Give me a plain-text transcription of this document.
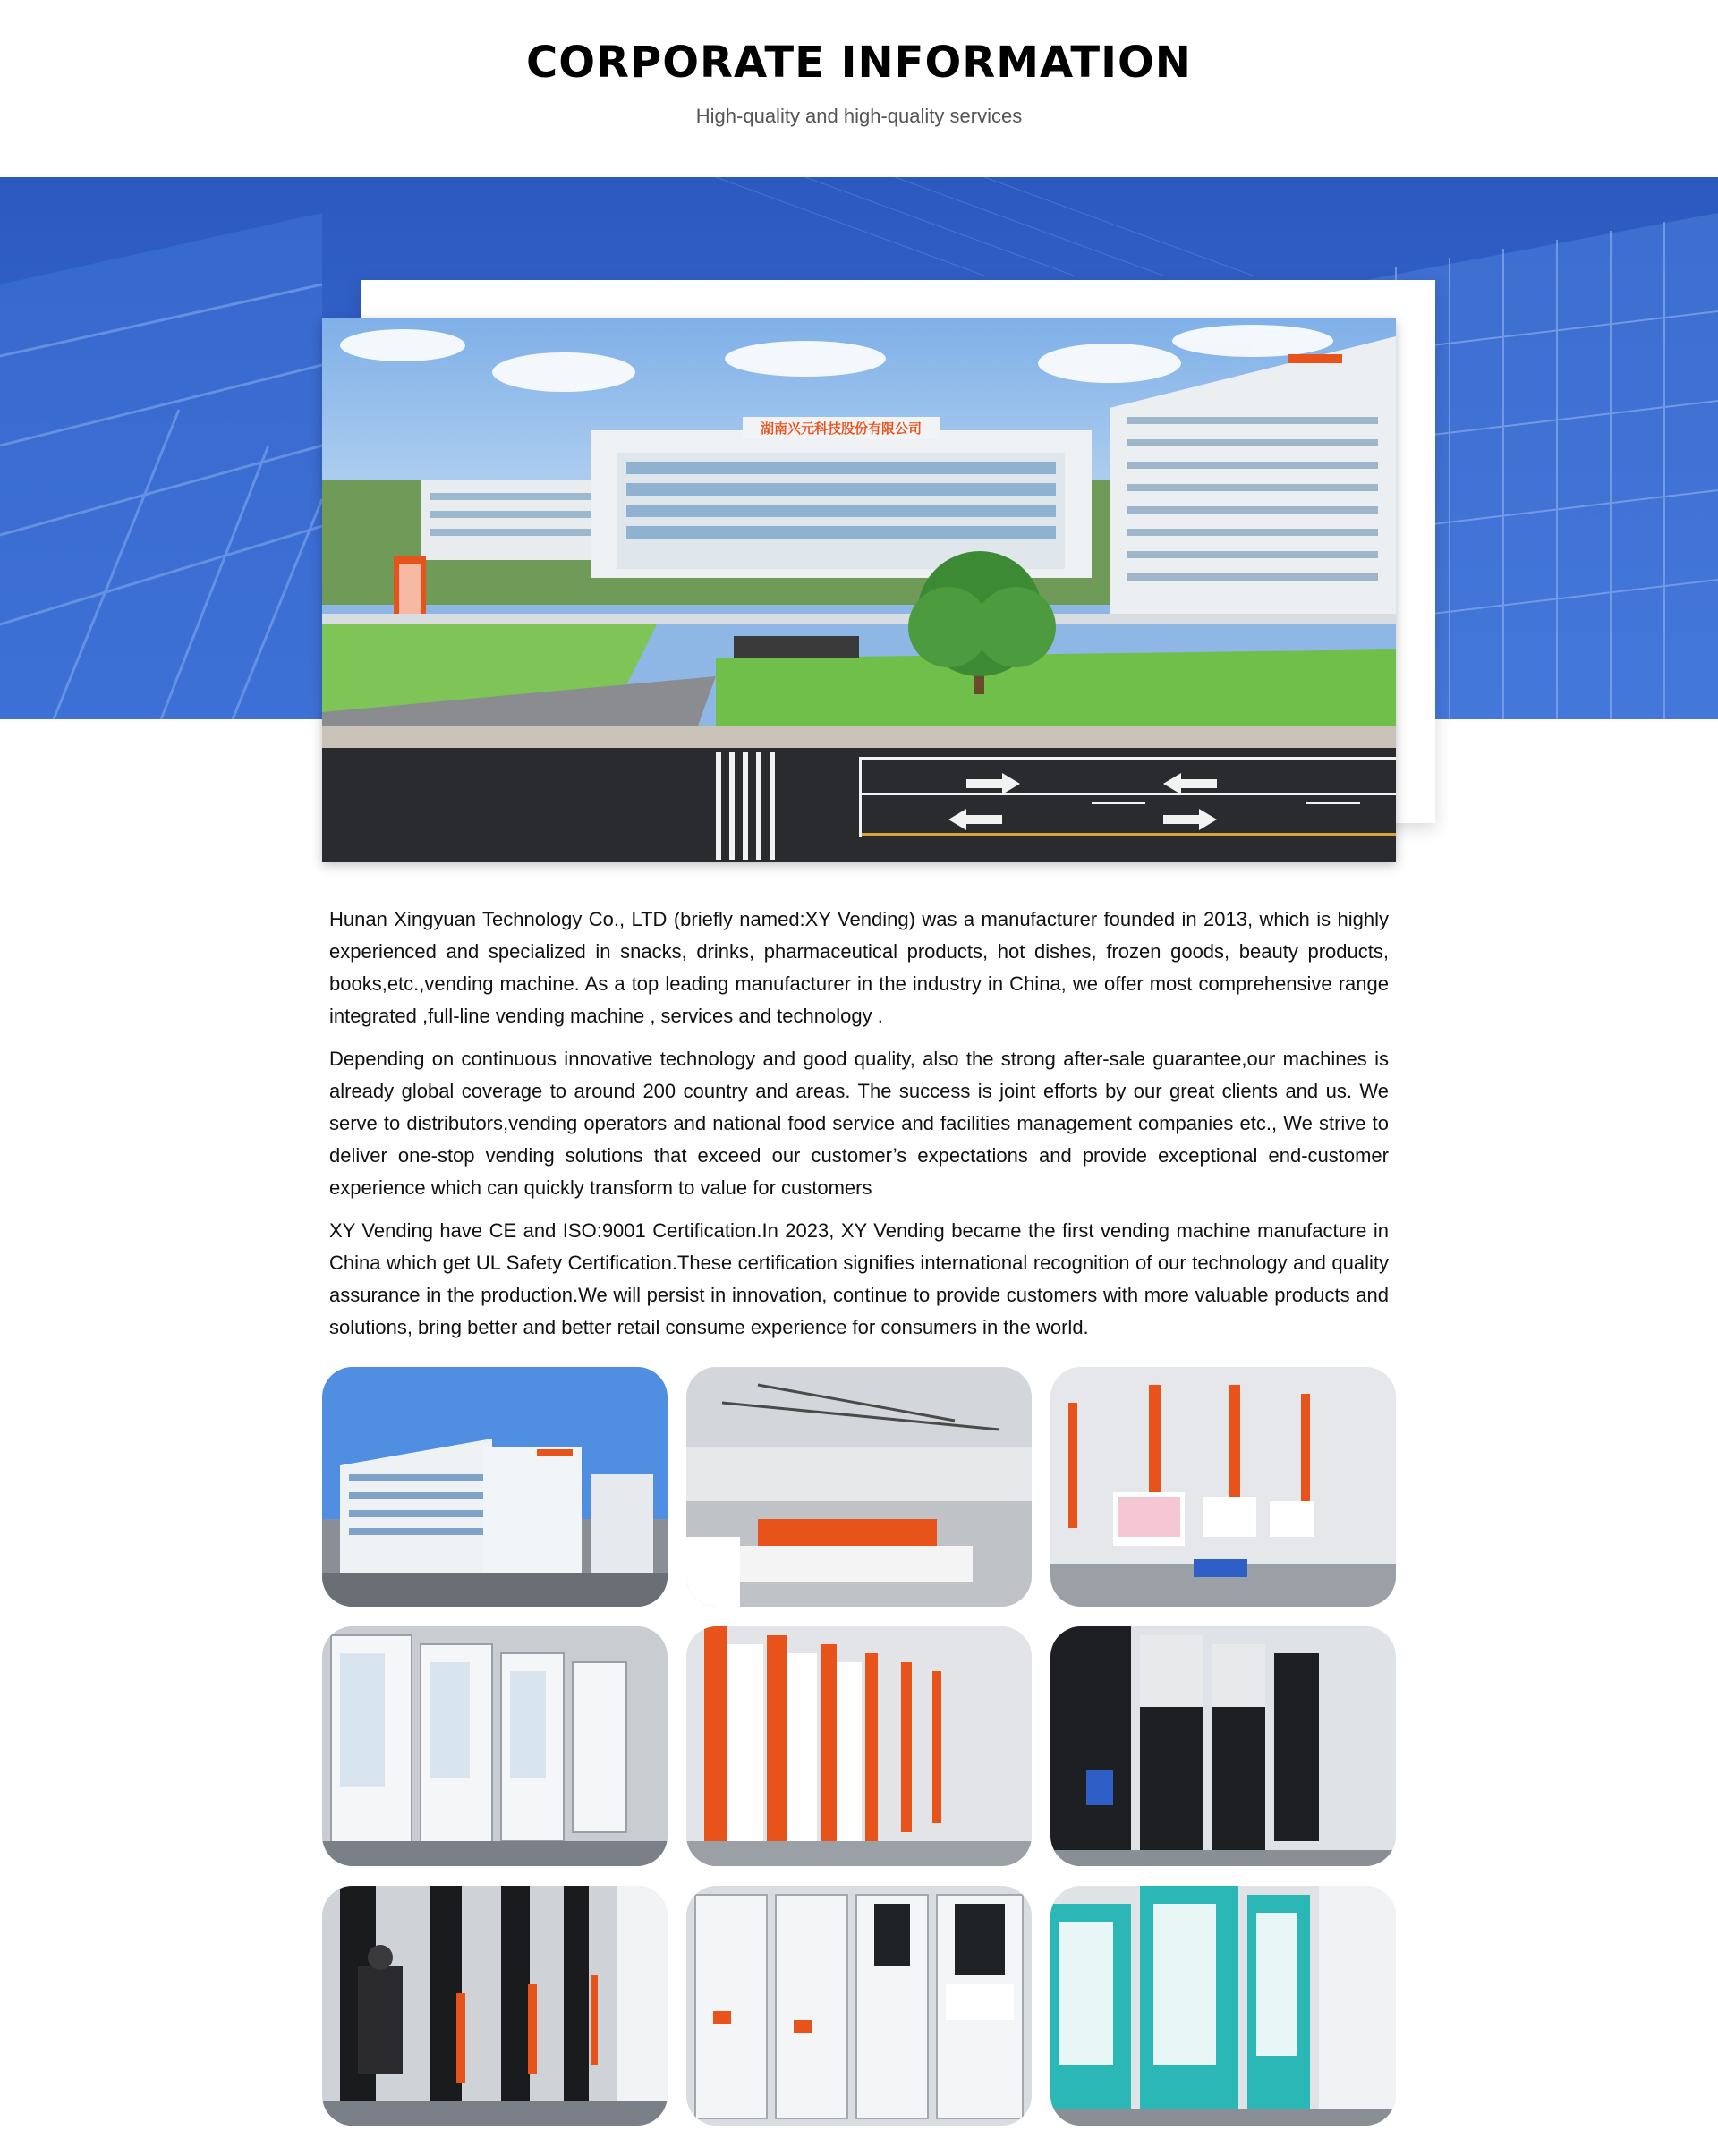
CORPORATE INFORMATION
High-quality and high-quality services
湖南兴元科技股份有限公司

Hunan Xingyuan Technology Co., LTD (briefly named:XY Vending) was a manufacturer founded in 2013, which is highly experienced and specialized in snacks, drinks, pharmaceutical products, hot dishes, frozen goods, beauty products, books,etc.,vending machine. As a top leading manufacturer in the industry in China, we offer most comprehensive range integrated ,full-line vending machine , services and technology .

Depending on continuous innovative technology and good quality, also the strong after-sale guarantee,our machines is already global coverage to around 200 country and areas. The success is joint efforts by our great clients and us. We serve to distributors,vending operators and national food service and facilities management companies etc., We strive to deliver one-stop vending solutions that exceed our customer’s expectations and provide exceptional end-customer experience which can quickly transform to value for customers

XY Vending have CE and ISO:9001 Certification.In 2023, XY Vending became the first vending machine manufacture in China which get UL Safety Certification.These certification signifies international recognition of our technology and quality assurance in the production.We will persist in innovation, continue to provide customers with more valuable products and solutions, bring better and better retail consume experience for consumers in the world.
